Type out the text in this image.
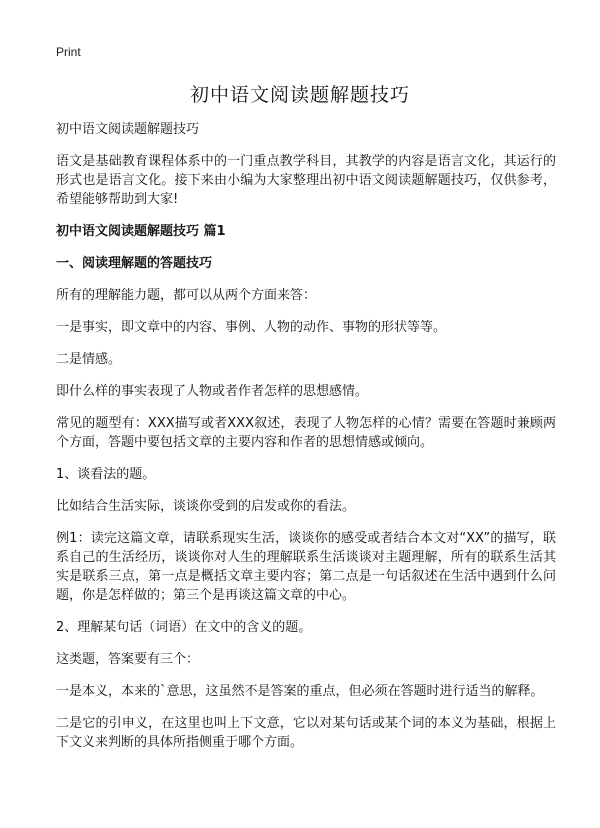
Print
初中语文阅读题解题技巧

初中语文阅读题解题技巧

语文是基础教育课程体系中的一门重点教学科目，其教学的内容是语言文化，其运行的形式也是语言文化。接下来由小编为大家整理出初中语文阅读题解题技巧，仅供参考，希望能够帮助到大家!

初中语文阅读题解题技巧 篇1

一、阅读理解题的答题技巧

所有的理解能力题，都可以从两个方面来答：

一是事实，即文章中的内容、事例、人物的动作、事物的形状等等。

二是情感。

即什么样的事实表现了人物或者作者怎样的思想感情。

常见的题型有：XXX描写或者XXX叙述，表现了人物怎样的心情？需要在答题时兼顾两个方面，答题中要包括文章的主要内容和作者的思想情感或倾向。

1、谈看法的题。

比如结合生活实际，谈谈你受到的启发或你的看法。

例1：读完这篇文章，请联系现实生活，谈谈你的感受或者结合本文对“XX”的描写，联系自己的生活经历，谈谈你对人生的理解联系生活谈谈对主题理解，所有的联系生活其实是联系三点，第一点是概括文章主要内容；第二点是一句话叙述在生活中遇到什么问题，你是怎样做的；第三个是再谈这篇文章的中心。

2、理解某句话（词语）在文中的含义的题。

这类题，答案要有三个：

一是本义，本来的`意思，这虽然不是答案的重点，但必须在答题时进行适当的解释。

二是它的引申义，在这里也叫上下文意，它以对某句话或某个词的本义为基础，根据上下文义来判断的具体所指侧重于哪个方面。
